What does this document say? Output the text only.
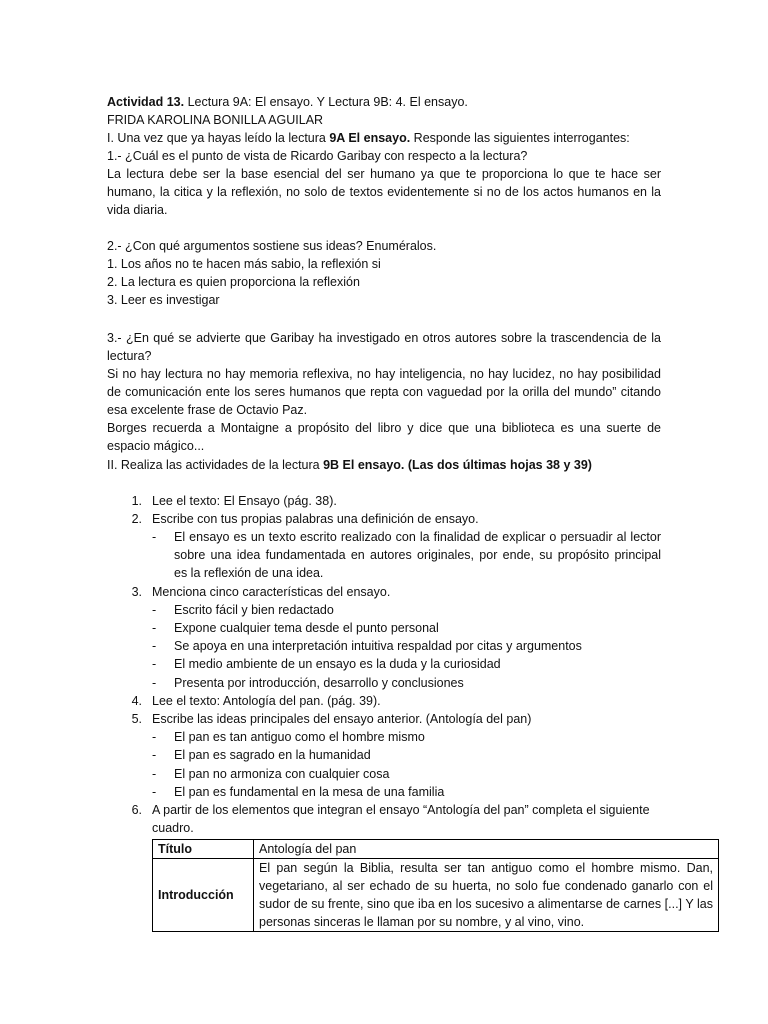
Actividad 13. Lectura 9A: El ensayo. Y Lectura 9B: 4. El ensayo.
FRIDA KAROLINA BONILLA AGUILAR
I. Una vez que ya hayas leído la lectura 9A El ensayo. Responde las siguientes interrogantes:
1.- ¿Cuál es el punto de vista de Ricardo Garibay con respecto a la lectura?
La lectura debe ser la base esencial del ser humano ya que te proporciona lo que te hace ser
humano, la citica y la reflexión, no solo de textos evidentemente si no de los actos humanos en la
vida diaria.
2.- ¿Con qué argumentos sostiene sus ideas? Enuméralos.
1. Los años no te hacen más sabio, la reflexión si
2. La lectura es quien proporciona la reflexión
3. Leer es investigar
3.- ¿En qué se advierte que Garibay ha investigado en otros autores sobre la trascendencia de la
lectura?
Si no hay lectura no hay memoria reflexiva, no hay inteligencia, no hay lucidez, no hay posibilidad
de comunicación ente los seres humanos que repta con vaguedad por la orilla del mundo” citando
esa excelente frase de Octavio Paz.
Borges recuerda a Montaigne a propósito del libro y dice que una biblioteca es una suerte de
espacio mágico...
II. Realiza las actividades de la lectura 9B El ensayo. (Las dos últimas hojas 38 y 39)
1. Lee el texto: El Ensayo (pág. 38).
2. Escribe con tus propias palabras una definición de ensayo.
- El ensayo es un texto escrito realizado con la finalidad de explicar o persuadir al lector
sobre una idea fundamentada en autores originales, por ende, su propósito principal
es la reflexión de una idea.
3. Menciona cinco características del ensayo.
- Escrito fácil y bien redactado
- Expone cualquier tema desde el punto personal
- Se apoya en una interpretación intuitiva respaldad por citas y argumentos
- El medio ambiente de un ensayo es la duda y la curiosidad
- Presenta por introducción, desarrollo y conclusiones
4. Lee el texto: Antología del pan. (pág. 39).
5. Escribe las ideas principales del ensayo anterior. (Antología del pan)
- El pan es tan antiguo como el hombre mismo
- El pan es sagrado en la humanidad
- El pan no armoniza con cualquier cosa
- El pan es fundamental en la mesa de una familia
6. A partir de los elementos que integran el ensayo “Antología del pan” completa el siguiente
cuadro.
Título	Antología del pan
Introducción	El pan según la Biblia, resulta ser tan antiguo como el hombre mismo. Dan,
vegetariano, al ser echado de su huerta, no solo fue condenado ganarlo con el
sudor de su frente, sino que iba en los sucesivo a alimentarse de carnes [...] Y las
personas sinceras le llaman por su nombre, y al vino, vino.
